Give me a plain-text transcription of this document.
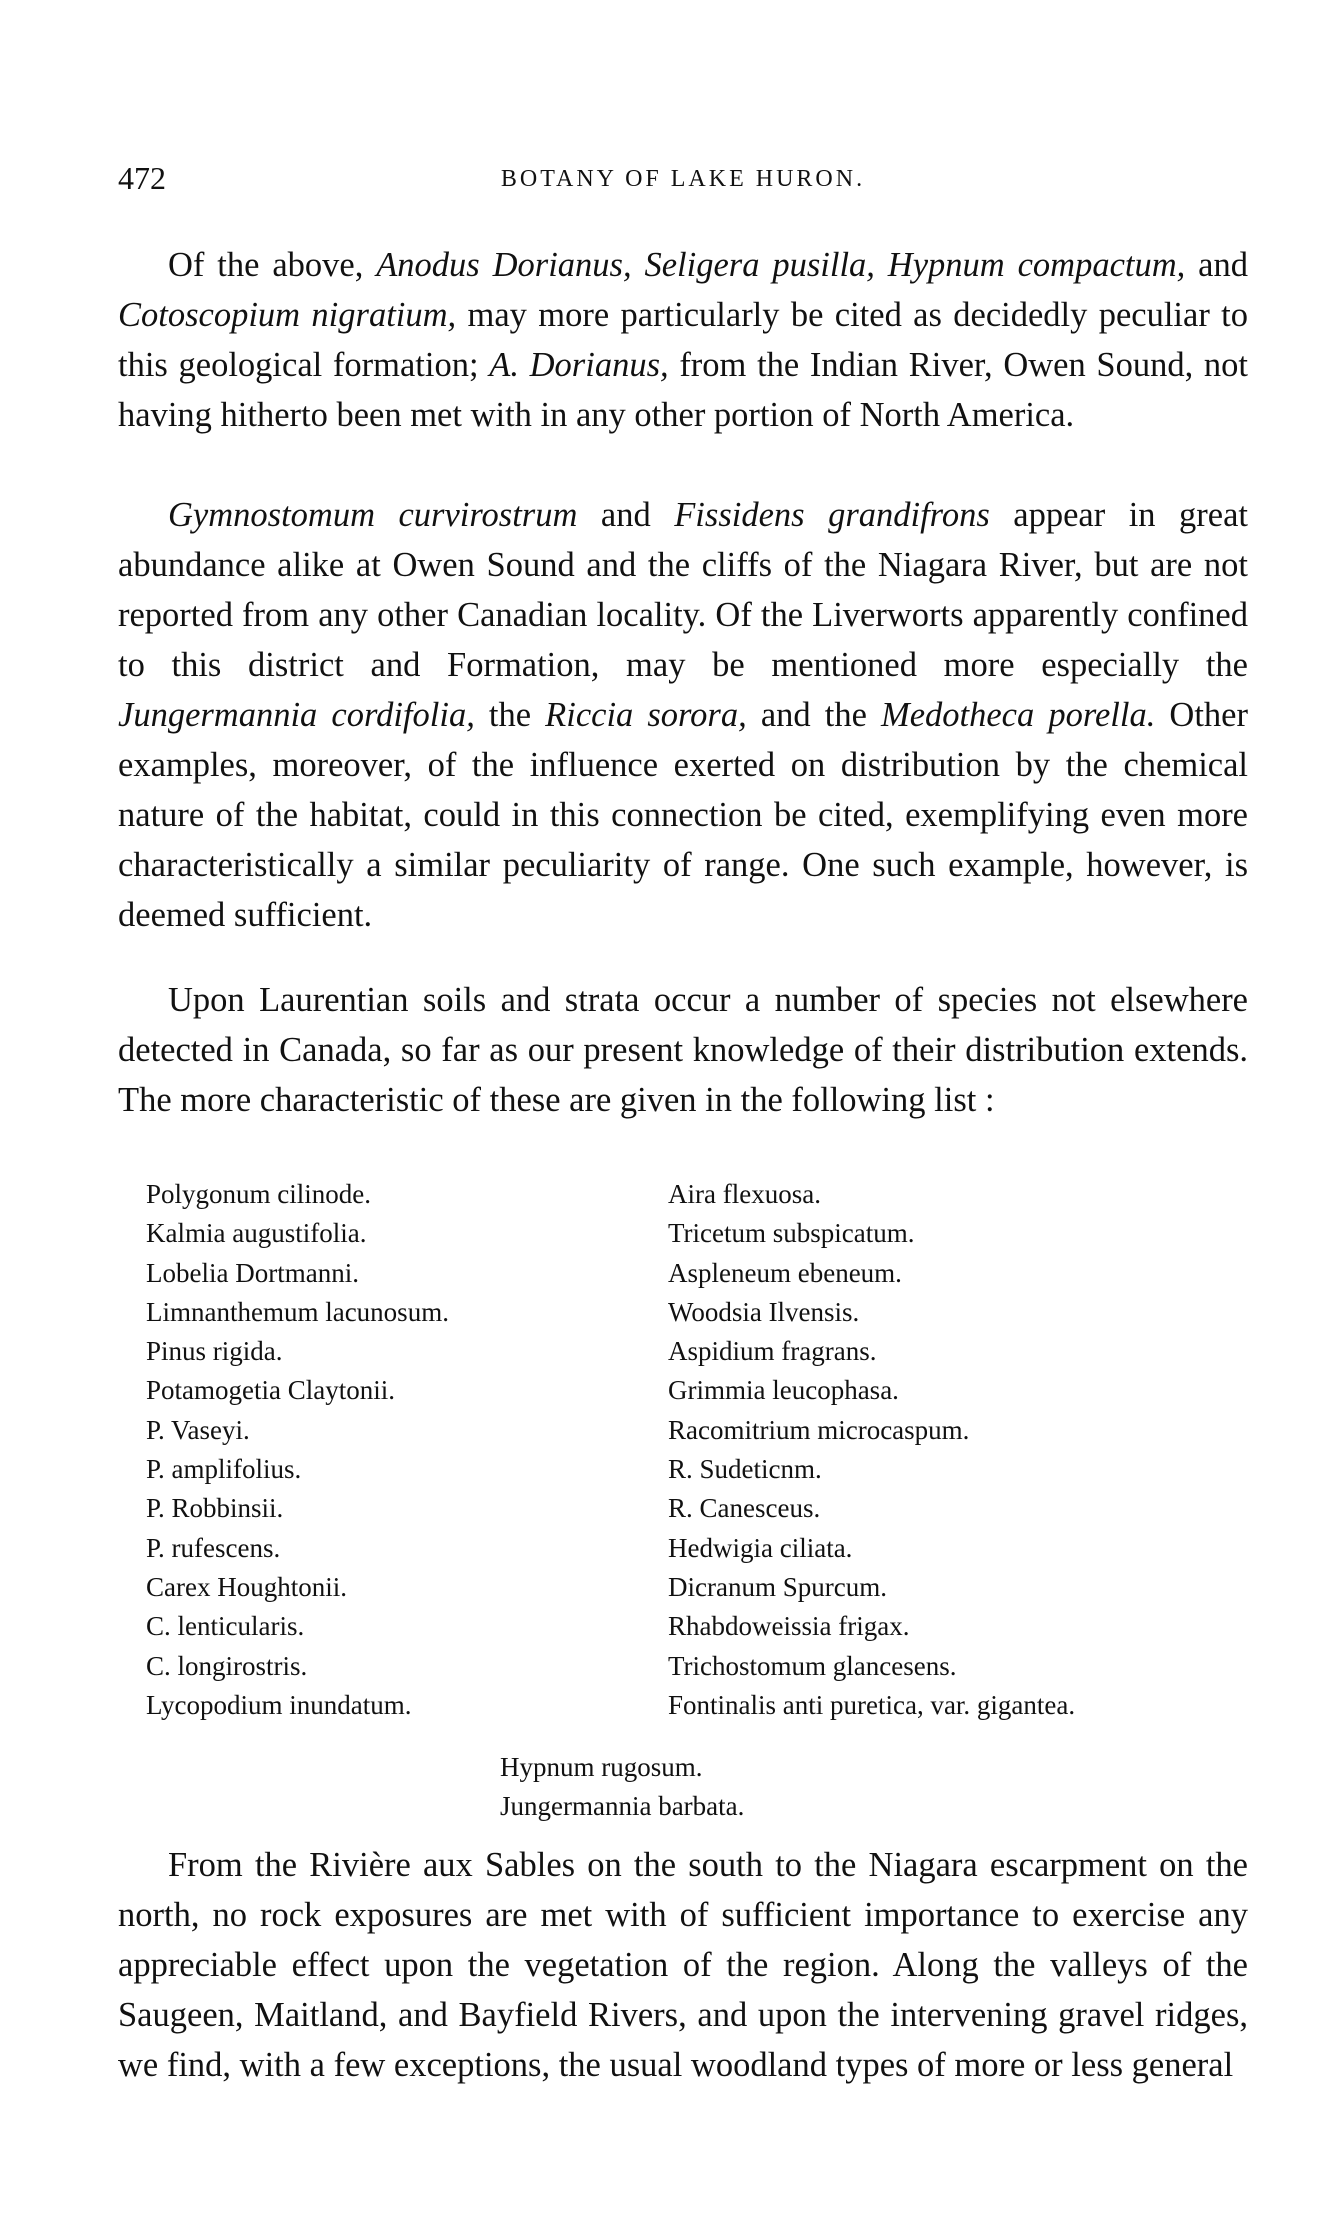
472	BOTANY OF LAKE HURON.

Of the above, Anodus Dorianus, Seligera pusilla, Hypnum compactum, and Cotoscopium nigratium, may more particularly be cited as decidedly peculiar to this geological formation; A. Dorianus, from the Indian River, Owen Sound, not having hitherto been met with in any other portion of North America.

Gymnostomum curvirostrum and Fissidens grandifrons appear in great abundance alike at Owen Sound and the cliffs of the Niagara River, but are not reported from any other Canadian locality. Of the Liverworts apparently confined to this district and Formation, may be mentioned more especially the Jungermannia cordifolia, the Riccia sorora, and the Medotheca porella. Other examples, moreover, of the influence exerted on distribution by the chemical nature of the habitat, could in this connection be cited, exemplifying even more characteristically a similar peculiarity of range. One such example, however, is deemed sufficient.

Upon Laurentian soils and strata occur a number of species not elsewhere detected in Canada, so far as our present knowledge of their distribution extends. The more characteristic of these are given in the following list :

Polygonum cilinode.
Kalmia augustifolia.
Lobelia Dortmanni.
Limnanthemum lacunosum.
Pinus rigida.
Potamogetia Claytonii.
P. Vaseyi.
P. amplifolius.
P. Robbinsii.
P. rufescens.
Carex Houghtonii.
C. lenticularis.
C. longirostris.
Lycopodium inundatum.
Aira flexuosa.
Tricetum subspicatum.
Aspleneum ebeneum.
Woodsia Ilvensis.
Aspidium fragrans.
Grimmia leucophasa.
Racomitrium microcaspum.
R. Sudeticnm.
R. Canesceus.
Hedwigia ciliata.
Dicranum Spurcum.
Rhabdoweissia frigax.
Trichostomum glancesens.
Fontinalis anti puretica, var. gigantea.
Hypnum rugosum.
Jungermannia barbata.

From the Rivière aux Sables on the south to the Niagara escarpment on the north, no rock exposures are met with of sufficient importance to exercise any appreciable effect upon the vegetation of the region. Along the valleys of the Saugeen, Maitland, and Bayfield Rivers, and upon the intervening gravel ridges, we find, with a few exceptions, the usual woodland types of more or less general
